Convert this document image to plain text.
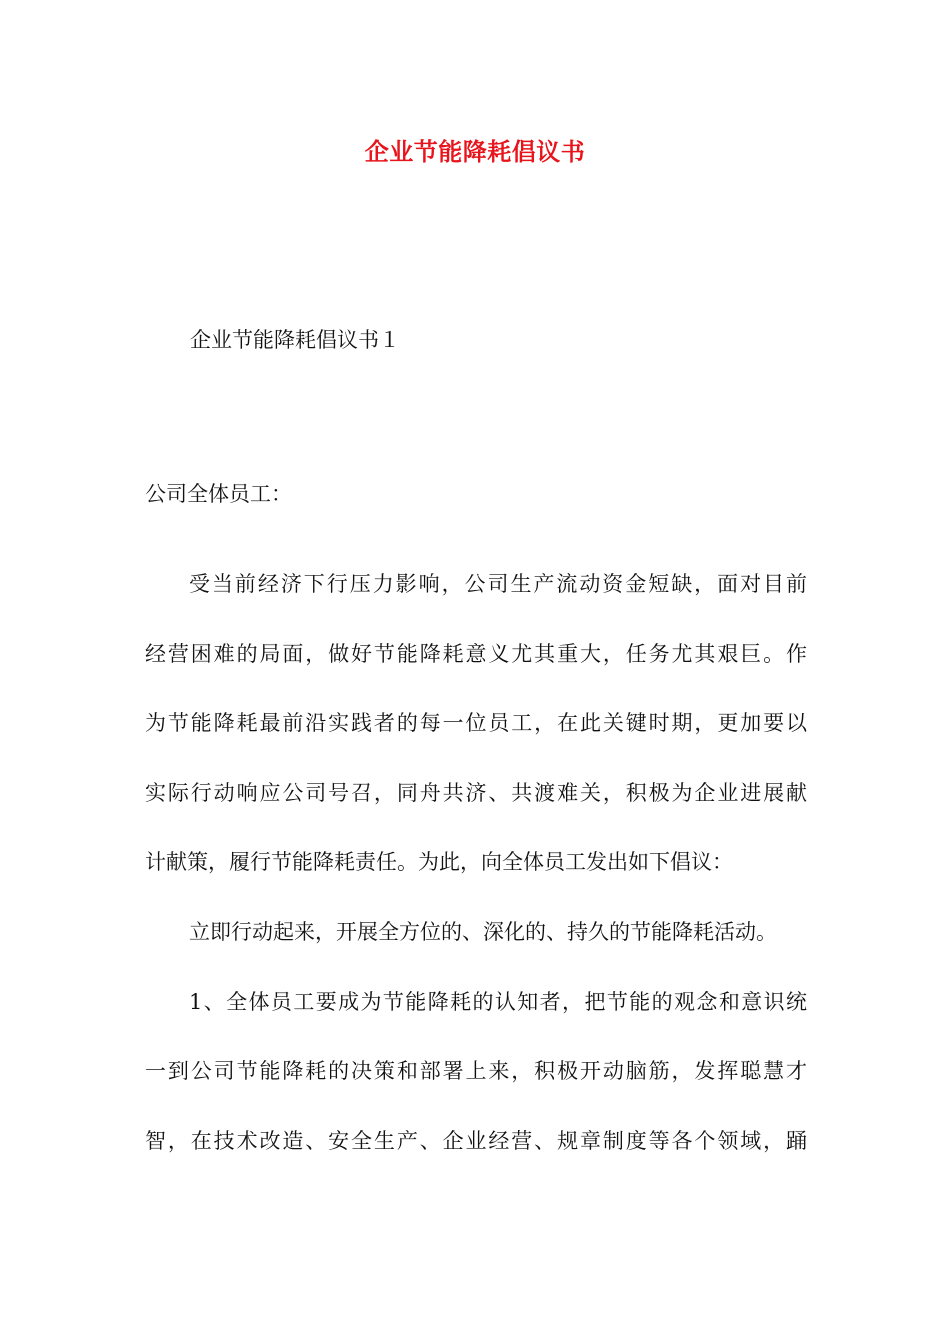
企业节能降耗倡议书
企业节能降耗倡议书１
公司全体员工：
受当前经济下行压力影响，公司生产流动资金短缺，面对目前
经营困难的局面，做好节能降耗意义尤其重大，任务尤其艰巨。作
为节能降耗最前沿实践者的每一位员工，在此关键时期，更加要以
实际行动响应公司号召，同舟共济、共渡难关，积极为企业进展献
计献策，履行节能降耗责任。为此，向全体员工发出如下倡议：
立即行动起来，开展全方位的、深化的、持久的节能降耗活动。
1、全体员工要成为节能降耗的认知者，把节能的观念和意识统
一到公司节能降耗的决策和部署上来，积极开动脑筋，发挥聪慧才
智，在技术改造、安全生产、企业经营、规章制度等各个领域，踊
